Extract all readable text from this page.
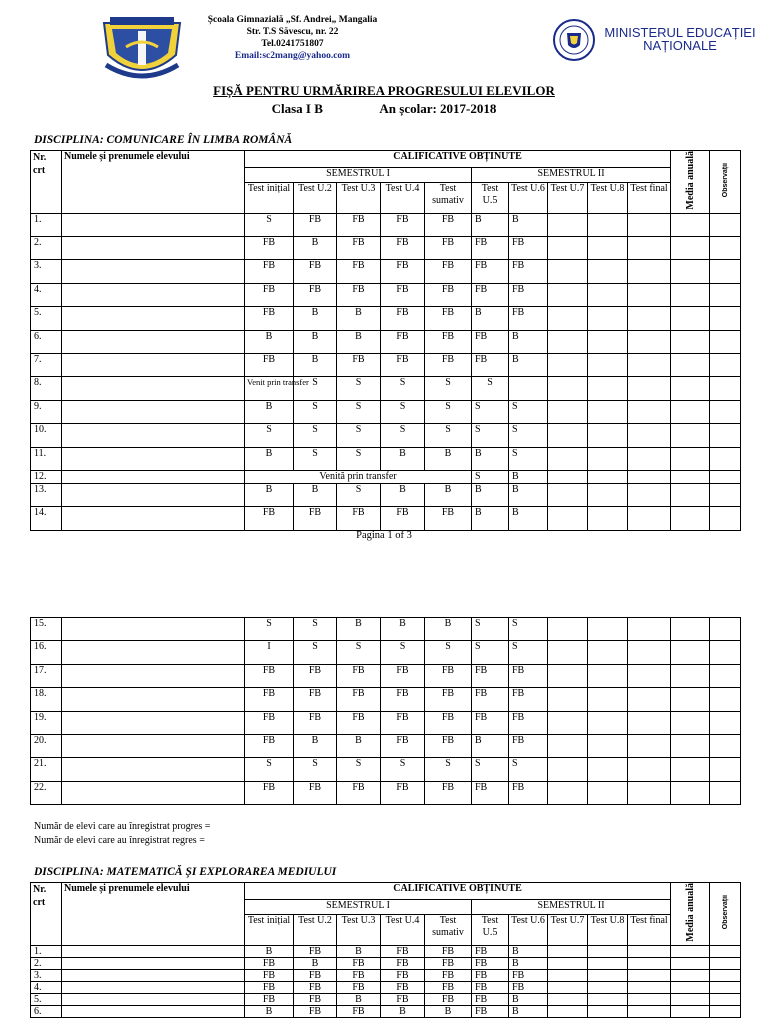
Școala Gimnazială „Sf. Andrei„ Mangalia
Str. T.S Săvescu, nr. 22
Tel.0241751807
Email:sc2mang@yahoo.com
MINISTERUL EDUCAȚIEI
NAȚIONALE
FIȘĂ PENTRU URMĂRIREA PROGRESULUI ELEVILOR
Clasa I B	An școlar: 2017-2018
DISCIPLINA: COMUNICARE ÎN LIMBA ROMÂNĂ
Nr. crt	Numele și prenumele elevului	CALIFICATIVE OBȚINUTE										Media anuală	Observații	
		SEMESTRUL I					SEMESTRUL II							
		Test inițial	Test U.2	Test U.3	Test U.4	Test sumativ	Test U.5	Test U.6	Test U.7	Test U.8	Test final			
1.		S	FB	FB	FB	FB	B	B						
2.		FB	B	FB	FB	FB	FB	FB						
3.		FB	FB	FB	FB	FB	FB	FB						
4.		FB	FB	FB	FB	FB	FB	FB						
5.		FB	B	B	FB	FB	B	FB						
6.		B	B	B	FB	FB	FB	B						
7.		FB	B	FB	FB	FB	FB	B						
8.		Venit prin transfer	S	S	S	S	S							
9.		B	S	S	S	S	S	S						
10.		S	S	S	S	S	S	S						
11.		B	S	S	B	B	B	S						
12.		Venită prin transfer					S	B						
13.		B	B	S	B	B	B	B						
14.		FB	FB	FB	FB	FB	B	B						
Pagina 1 of 3
15.		S	S	B	B	B	S	S					
16.		I	S	S	S	S	S	S					
17.		FB	FB	FB	FB	FB	FB	FB					
18.		FB	FB	FB	FB	FB	FB	FB					
19.		FB	FB	FB	FB	FB	FB	FB					
20.		FB	B	B	FB	FB	B	FB					
21.		S	S	S	S	S	S	S					
22.		FB	FB	FB	FB	FB	FB	FB					
Număr de elevi care au înregistrat progres =
Număr de elevi care au înregistrat regres =
DISCIPLINA: MATEMATICĂ ȘI EXPLORAREA MEDIULUI
Nr. crt	Numele și prenumele elevului	CALIFICATIVE OBȚINUTE										Media anuală	Observații
		SEMESTRUL I					SEMESTRUL II						
		Test inițial	Test U.2	Test U.3	Test U.4	Test sumativ	Test U.5	Test U.6	Test U.7	Test U.8	Test final		
1.		B	FB	B	FB	FB	FB	B					
2.		FB	B	FB	FB	FB	FB	B					
3.		FB	FB	FB	FB	FB	FB	FB					
4.		FB	FB	FB	FB	FB	FB	FB					
5.		FB	FB	B	FB	FB	FB	B					
6.		B	FB	FB	B	B	FB	B					
